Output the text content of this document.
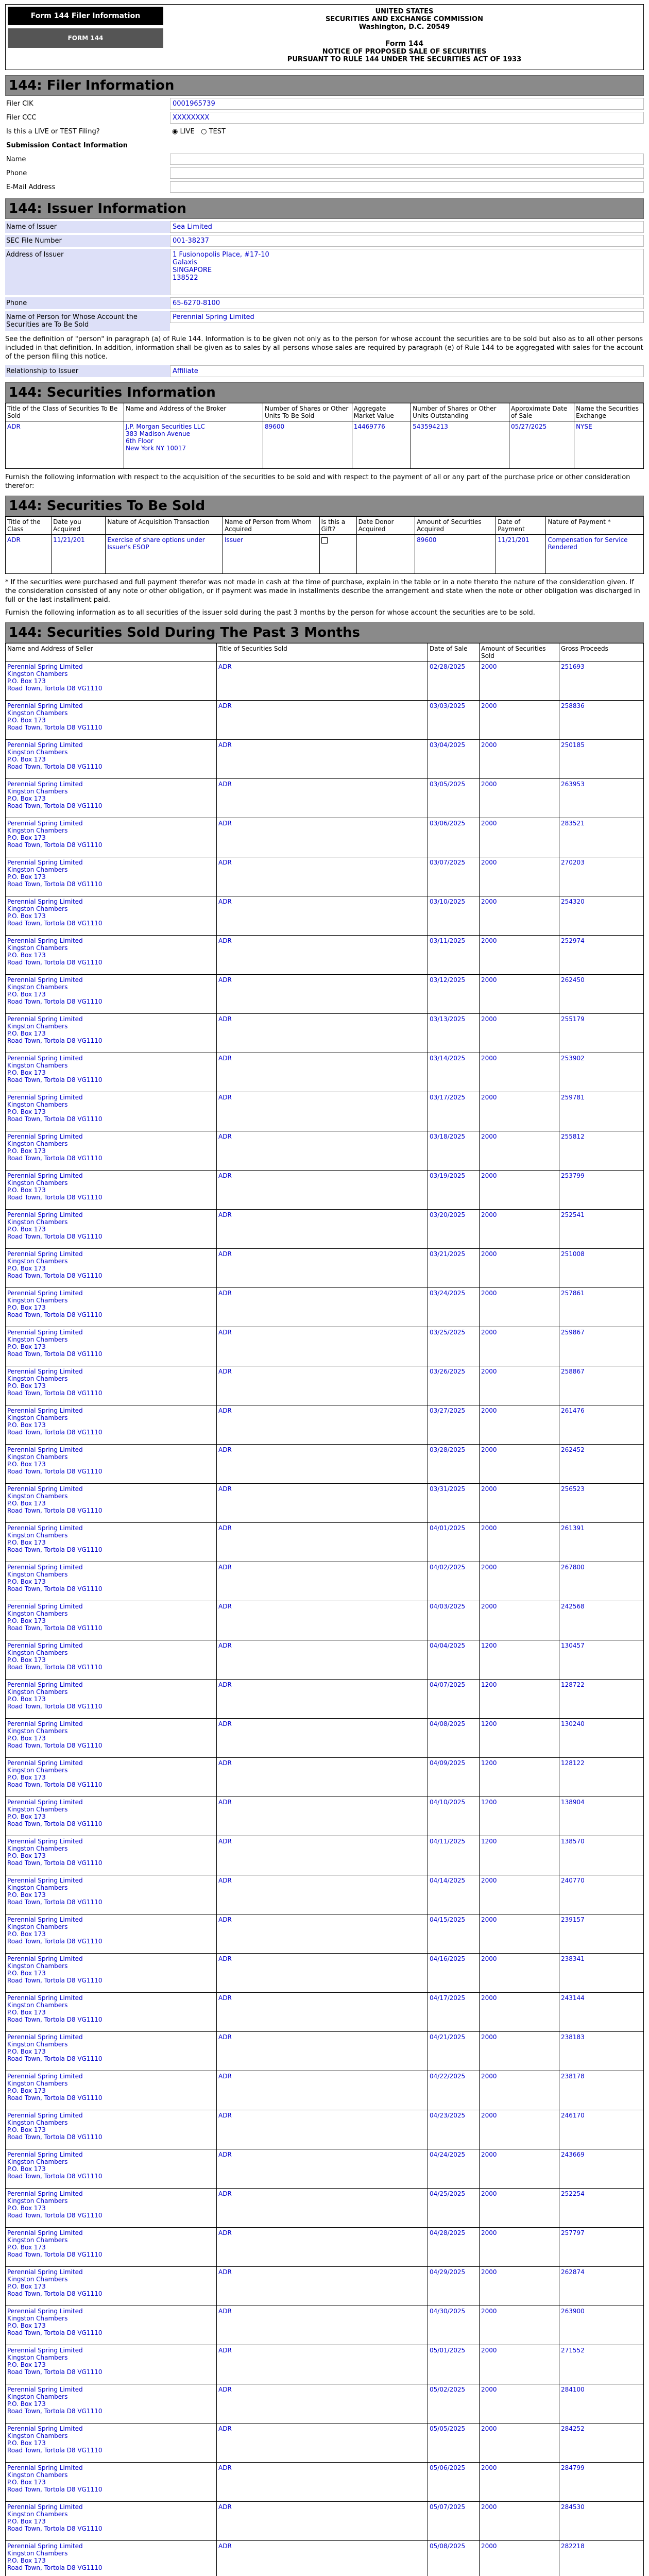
Form 144 Filer Information
FORM 144
UNITED STATES
SECURITIES AND EXCHANGE COMMISSION
Washington, D.C. 20549
Form 144
NOTICE OF PROPOSED SALE OF SECURITIES
PURSUANT TO RULE 144 UNDER THE SECURITIES ACT OF 1933
144: Filer Information
Filer CIK	0001965739
Filer CCC	XXXXXXXX
Is this a LIVE or TEST Filing?	◉ LIVE ○ TEST
Submission Contact Information
Name
Phone
E-Mail Address
144: Issuer Information
Name of Issuer	Sea Limited
SEC File Number	001-38237
Address of Issuer	1 Fusionopolis Place, #17-10
Galaxis
SINGAPORE
138522
Phone	65-6270-8100
Name of Person for Whose Account the Securities are To Be Sold
Perennial Spring Limited
See the definition of "person" in paragraph (a) of Rule 144. Information is to be given not only as to the person for whose account the securities are to be sold but also as to all other persons included in that definition. In addition, information shall be given as to sales by all persons whose sales are required by paragraph (e) of Rule 144 to be aggregated with sales for the account of the person filing this notice.
Relationship to Issuer	Affiliate
144: Securities Information
Title of the Class of Securities To Be Sold	Name and Address of the Broker	Number of Shares or Other Units To Be Sold	Aggregate Market Value	Number of Shares or Other Units Outstanding	Approximate Date of Sale	Name the Securities Exchange
ADR	J.P. Morgan Securities LLC
383 Madison Avenue
6th Floor
New York NY 10017	89600	14469776	543594213	05/27/2025	NYSE
Furnish the following information with respect to the acquisition of the securities to be sold and with respect to the payment of all or any part of the purchase price or other consideration therefor:
144: Securities To Be Sold
Title of the Class	Date you Acquired	Nature of Acquisition Transaction	Name of Person from Whom Acquired	Is this a Gift?	Date Donor Acquired	Amount of Securities Acquired	Date of Payment	Nature of Payment *
ADR	11/21/201	Exercise of share options under Issuer's ESOP	Issuer			89600	11/21/201	Compensation for Service Rendered
* If the securities were purchased and full payment therefor was not made in cash at the time of purchase, explain in the table or in a note thereto the nature of the consideration given. If the consideration consisted of any note or other obligation, or if payment was made in installments describe the arrangement and state when the note or other obligation was discharged in full or the last installment paid.
Furnish the following information as to all securities of the issuer sold during the past 3 months by the person for whose account the securities are to be sold.
144: Securities Sold During The Past 3 Months
Name and Address of Seller	Title of Securities Sold	Date of Sale	Amount of Securities Sold	Gross Proceeds

Perennial Spring Limited
Kingston Chambers
P.O. Box 173
Road Town, Tortola D8 VG1110	ADR	02/28/2025	2000	251693

Perennial Spring Limited
Kingston Chambers
P.O. Box 173
Road Town, Tortola D8 VG1110	ADR	03/03/2025	2000	258836

Perennial Spring Limited
Kingston Chambers
P.O. Box 173
Road Town, Tortola D8 VG1110	ADR	03/04/2025	2000	250185

Perennial Spring Limited
Kingston Chambers
P.O. Box 173
Road Town, Tortola D8 VG1110	ADR	03/05/2025	2000	263953

Perennial Spring Limited
Kingston Chambers
P.O. Box 173
Road Town, Tortola D8 VG1110	ADR	03/06/2025	2000	283521

Perennial Spring Limited
Kingston Chambers
P.O. Box 173
Road Town, Tortola D8 VG1110	ADR	03/07/2025	2000	270203

Perennial Spring Limited
Kingston Chambers
P.O. Box 173
Road Town, Tortola D8 VG1110	ADR	03/10/2025	2000	254320

Perennial Spring Limited
Kingston Chambers
P.O. Box 173
Road Town, Tortola D8 VG1110	ADR	03/11/2025	2000	252974

Perennial Spring Limited
Kingston Chambers
P.O. Box 173
Road Town, Tortola D8 VG1110	ADR	03/12/2025	2000	262450

Perennial Spring Limited
Kingston Chambers
P.O. Box 173
Road Town, Tortola D8 VG1110	ADR	03/13/2025	2000	255179

Perennial Spring Limited
Kingston Chambers
P.O. Box 173
Road Town, Tortola D8 VG1110	ADR	03/14/2025	2000	253902

Perennial Spring Limited
Kingston Chambers
P.O. Box 173
Road Town, Tortola D8 VG1110	ADR	03/17/2025	2000	259781

Perennial Spring Limited
Kingston Chambers
P.O. Box 173
Road Town, Tortola D8 VG1110	ADR	03/18/2025	2000	255812

Perennial Spring Limited
Kingston Chambers
P.O. Box 173
Road Town, Tortola D8 VG1110	ADR	03/19/2025	2000	253799

Perennial Spring Limited
Kingston Chambers
P.O. Box 173
Road Town, Tortola D8 VG1110	ADR	03/20/2025	2000	252541

Perennial Spring Limited
Kingston Chambers
P.O. Box 173
Road Town, Tortola D8 VG1110	ADR	03/21/2025	2000	251008

Perennial Spring Limited
Kingston Chambers
P.O. Box 173
Road Town, Tortola D8 VG1110	ADR	03/24/2025	2000	257861

Perennial Spring Limited
Kingston Chambers
P.O. Box 173
Road Town, Tortola D8 VG1110	ADR	03/25/2025	2000	259867

Perennial Spring Limited
Kingston Chambers
P.O. Box 173
Road Town, Tortola D8 VG1110	ADR	03/26/2025	2000	258867

Perennial Spring Limited
Kingston Chambers
P.O. Box 173
Road Town, Tortola D8 VG1110	ADR	03/27/2025	2000	261476

Perennial Spring Limited
Kingston Chambers
P.O. Box 173
Road Town, Tortola D8 VG1110	ADR	03/28/2025	2000	262452

Perennial Spring Limited
Kingston Chambers
P.O. Box 173
Road Town, Tortola D8 VG1110	ADR	03/31/2025	2000	256523

Perennial Spring Limited
Kingston Chambers
P.O. Box 173
Road Town, Tortola D8 VG1110	ADR	04/01/2025	2000	261391

Perennial Spring Limited
Kingston Chambers
P.O. Box 173
Road Town, Tortola D8 VG1110	ADR	04/02/2025	2000	267800

Perennial Spring Limited
Kingston Chambers
P.O. Box 173
Road Town, Tortola D8 VG1110	ADR	04/03/2025	2000	242568

Perennial Spring Limited
Kingston Chambers
P.O. Box 173
Road Town, Tortola D8 VG1110	ADR	04/04/2025	1200	130457

Perennial Spring Limited
Kingston Chambers
P.O. Box 173
Road Town, Tortola D8 VG1110	ADR	04/07/2025	1200	128722

Perennial Spring Limited
Kingston Chambers
P.O. Box 173
Road Town, Tortola D8 VG1110	ADR	04/08/2025	1200	130240

Perennial Spring Limited
Kingston Chambers
P.O. Box 173
Road Town, Tortola D8 VG1110	ADR	04/09/2025	1200	128122

Perennial Spring Limited
Kingston Chambers
P.O. Box 173
Road Town, Tortola D8 VG1110	ADR	04/10/2025	1200	138904

Perennial Spring Limited
Kingston Chambers
P.O. Box 173
Road Town, Tortola D8 VG1110	ADR	04/11/2025	1200	138570

Perennial Spring Limited
Kingston Chambers
P.O. Box 173
Road Town, Tortola D8 VG1110	ADR	04/14/2025	2000	240770

Perennial Spring Limited
Kingston Chambers
P.O. Box 173
Road Town, Tortola D8 VG1110	ADR	04/15/2025	2000	239157

Perennial Spring Limited
Kingston Chambers
P.O. Box 173
Road Town, Tortola D8 VG1110	ADR	04/16/2025	2000	238341

Perennial Spring Limited
Kingston Chambers
P.O. Box 173
Road Town, Tortola D8 VG1110	ADR	04/17/2025	2000	243144

Perennial Spring Limited
Kingston Chambers
P.O. Box 173
Road Town, Tortola D8 VG1110	ADR	04/21/2025	2000	238183

Perennial Spring Limited
Kingston Chambers
P.O. Box 173
Road Town, Tortola D8 VG1110	ADR	04/22/2025	2000	238178

Perennial Spring Limited
Kingston Chambers
P.O. Box 173
Road Town, Tortola D8 VG1110	ADR	04/23/2025	2000	246170

Perennial Spring Limited
Kingston Chambers
P.O. Box 173
Road Town, Tortola D8 VG1110	ADR	04/24/2025	2000	243669

Perennial Spring Limited
Kingston Chambers
P.O. Box 173
Road Town, Tortola D8 VG1110	ADR	04/25/2025	2000	252254

Perennial Spring Limited
Kingston Chambers
P.O. Box 173
Road Town, Tortola D8 VG1110	ADR	04/28/2025	2000	257797

Perennial Spring Limited
Kingston Chambers
P.O. Box 173
Road Town, Tortola D8 VG1110	ADR	04/29/2025	2000	262874

Perennial Spring Limited
Kingston Chambers
P.O. Box 173
Road Town, Tortola D8 VG1110	ADR	04/30/2025	2000	263900

Perennial Spring Limited
Kingston Chambers
P.O. Box 173
Road Town, Tortola D8 VG1110	ADR	05/01/2025	2000	271552

Perennial Spring Limited
Kingston Chambers
P.O. Box 173
Road Town, Tortola D8 VG1110	ADR	05/02/2025	2000	284100

Perennial Spring Limited
Kingston Chambers
P.O. Box 173
Road Town, Tortola D8 VG1110	ADR	05/05/2025	2000	284252

Perennial Spring Limited
Kingston Chambers
P.O. Box 173
Road Town, Tortola D8 VG1110	ADR	05/06/2025	2000	284799

Perennial Spring Limited
Kingston Chambers
P.O. Box 173
Road Town, Tortola D8 VG1110	ADR	05/07/2025	2000	284530

Perennial Spring Limited
Kingston Chambers
P.O. Box 173
Road Town, Tortola D8 VG1110	ADR	05/08/2025	2000	282218
